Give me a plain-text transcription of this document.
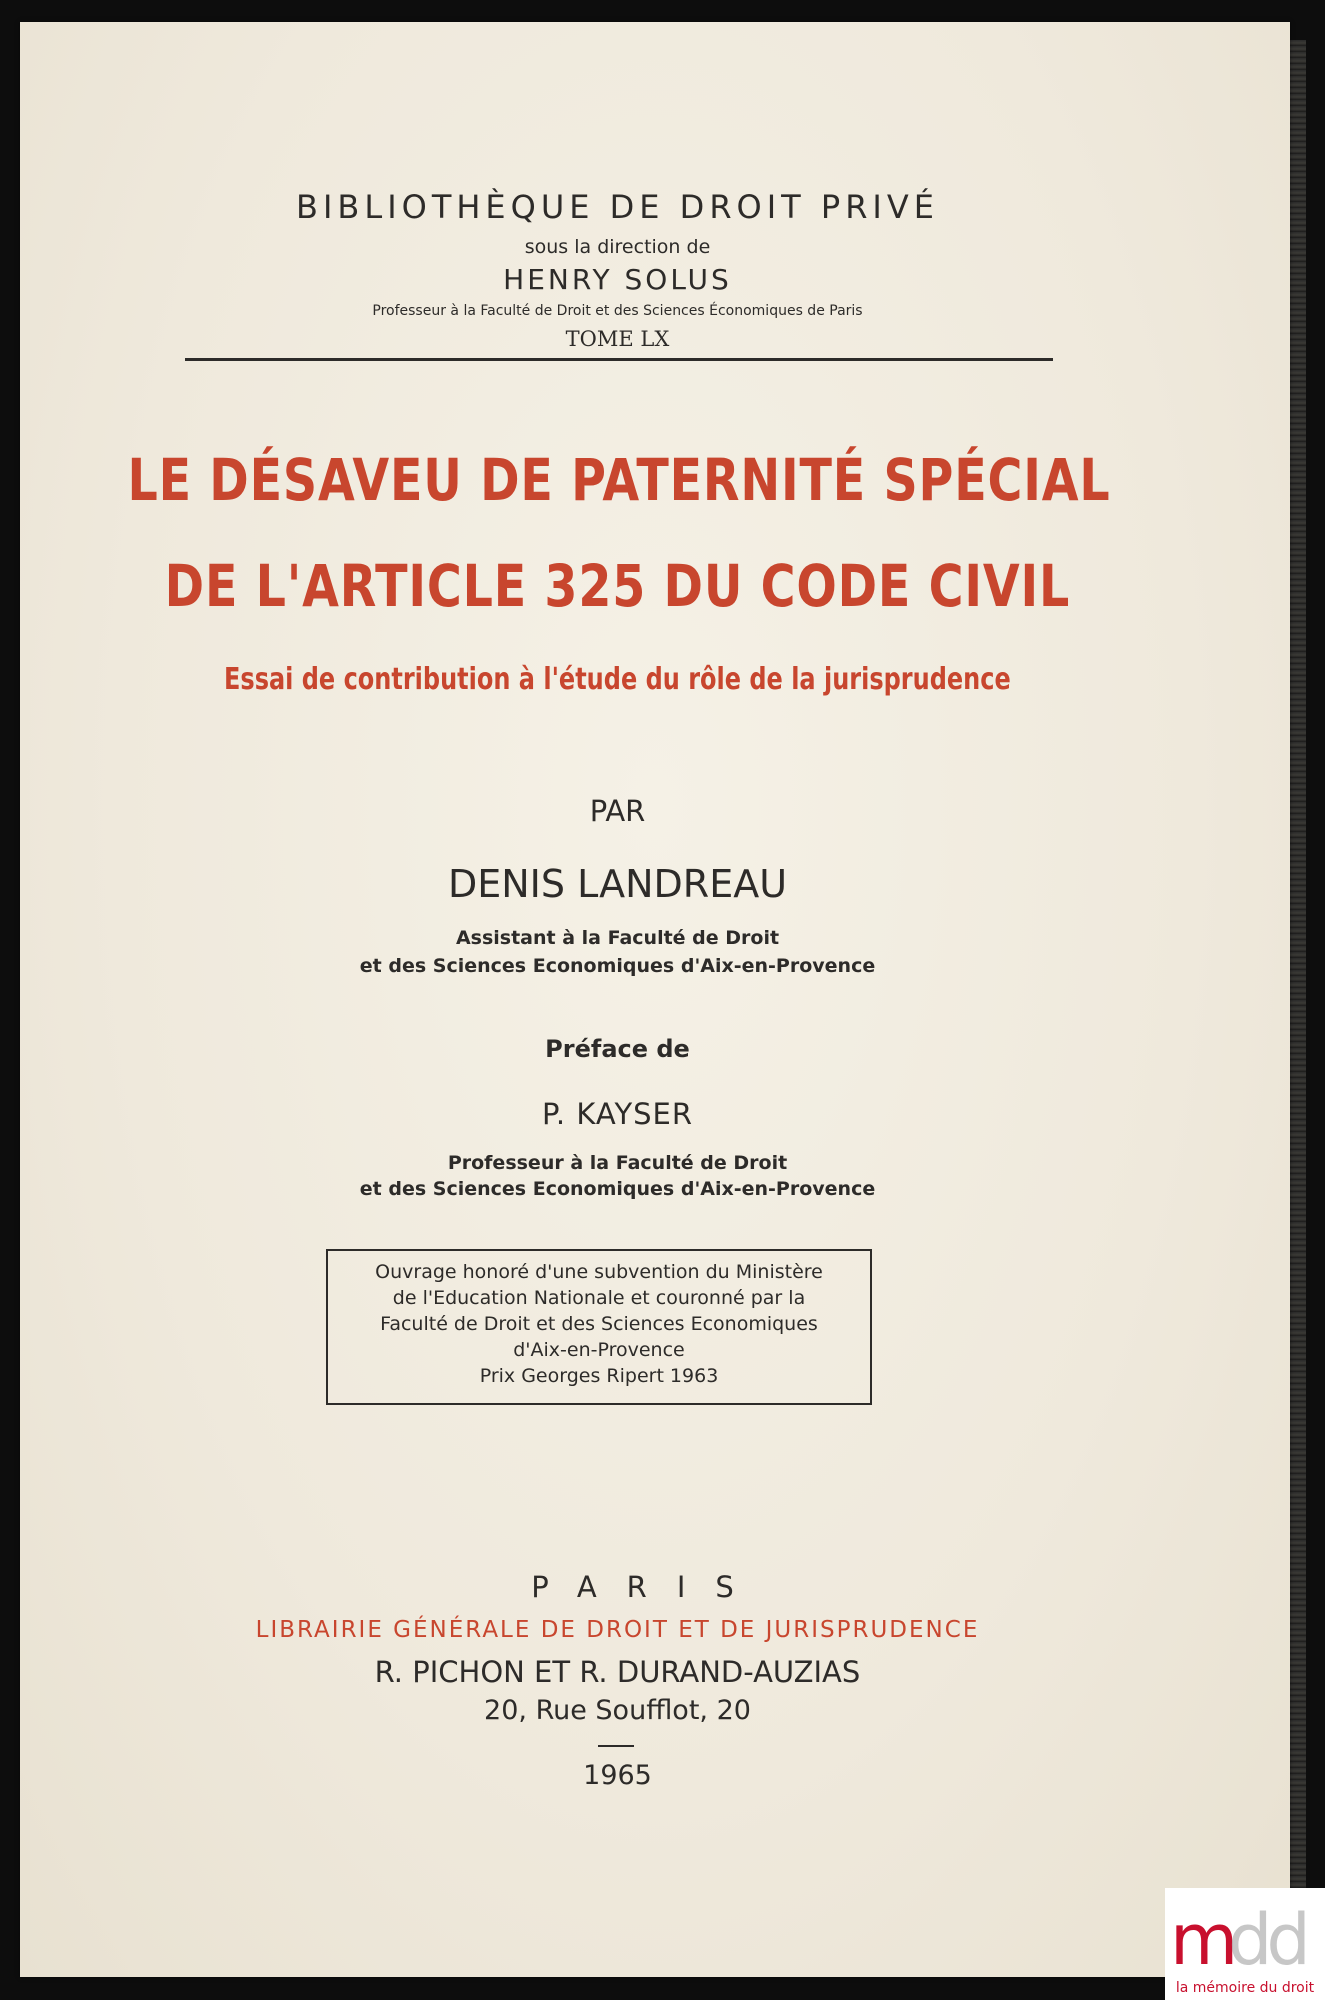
BIBLIOTHÈQUE DE DROIT PRIVÉ
sous la direction de
HENRY SOLUS
Professeur à la Faculté de Droit et des Sciences Économiques de Paris
TOME LX
LE DÉSAVEU DE PATERNITÉ SPÉCIAL
DE L'ARTICLE 325 DU CODE CIVIL
Essai de contribution à l'étude du rôle de la jurisprudence
PAR
DENIS LANDREAU
Assistant à la Faculté de Droit
et des Sciences Economiques d'Aix-en-Provence
Préface de
P. KAYSER
Professeur à la Faculté de Droit
et des Sciences Economiques d'Aix-en-Provence
Ouvrage honoré d'une subvention du Ministère
de l'Education Nationale et couronné par la
Faculté de Droit et des Sciences Economiques
d'Aix-en-Provence
Prix Georges Ripert 1963
PARIS
LIBRAIRIE GÉNÉRALE DE DROIT ET DE JURISPRUDENCE
R. PICHON ET R. DURAND-AUZIAS
20, Rue Soufflot, 20
1965
m
dd
la mémoire du droit
